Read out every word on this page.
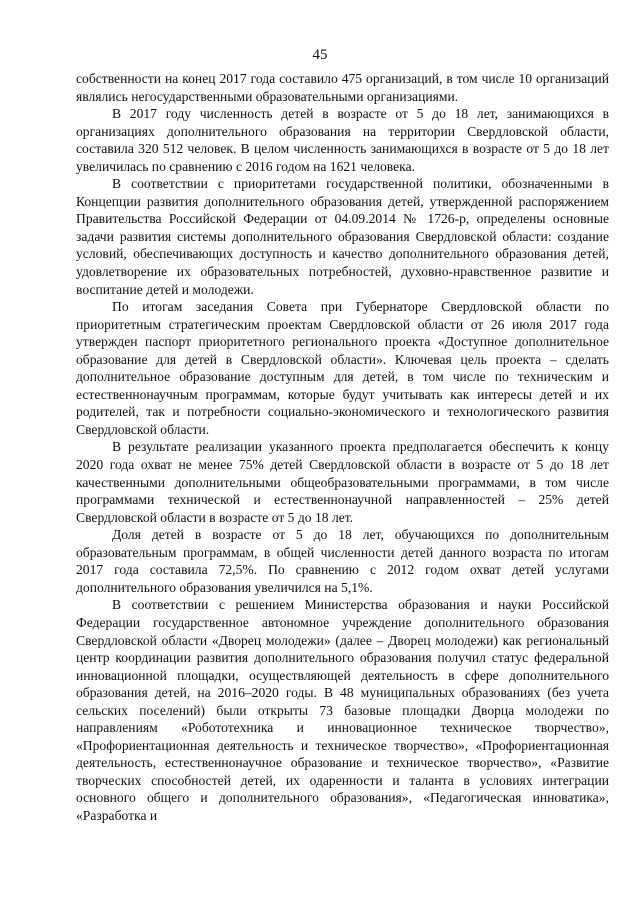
45

собственности на конец 2017 года составило 475 организаций, в том числе 10 организаций являлись негосударственными образовательными организациями.

В 2017 году численность детей в возрасте от 5 до 18 лет, занимающихся в организациях дополнительного образования на территории Свердловской области, составила 320 512 человек. В целом численность занимающихся в возрасте от 5 до 18 лет увеличилась по сравнению с 2016 годом на 1621 человека.

В соответствии с приоритетами государственной политики, обозначенными в Концепции развития дополнительного образования детей, утвержденной распоряжением Правительства Российской Федерации от 04.09.2014 № 1726-р, определены основные задачи развития системы дополнительного образования Свердловской области: создание условий, обеспечивающих доступность и качество дополнительного образования детей, удовлетворение их образовательных потребностей, духовно-нравственное развитие и воспитание детей и молодежи.

По итогам заседания Совета при Губернаторе Свердловской области по приоритетным стратегическим проектам Свердловской области от 26 июля 2017 года утвержден паспорт приоритетного регионального проекта «Доступное дополнительное образование для детей в Свердловской области». Ключевая цель проекта – сделать дополнительное образование доступным для детей, в том числе по техническим и естественнонаучным программам, которые будут учитывать как интересы детей и их родителей, так и потребности социально-экономического и технологического развития Свердловской области.

В результате реализации указанного проекта предполагается обеспечить к концу 2020 года охват не менее 75% детей Свердловской области в возрасте от 5 до 18 лет качественными дополнительными общеобразовательными программами, в том числе программами технической и естественнонаучной направленностей – 25% детей Свердловской области в возрасте от 5 до 18 лет.

Доля детей в возрасте от 5 до 18 лет, обучающихся по дополнительным образовательным программам, в общей численности детей данного возраста по итогам 2017 года составила 72,5%. По сравнению с 2012 годом охват детей услугами дополнительного образования увеличился на 5,1%.

В соответствии с решением Министерства образования и науки Российской Федерации государственное автономное учреждение дополнительного образования Свердловской области «Дворец молодежи» (далее – Дворец молодежи) как региональный центр координации развития дополнительного образования получил статус федеральной инновационной площадки, осуществляющей деятельность в сфере дополнительного образования детей, на 2016–2020 годы. В 48 муниципальных образованиях (без учета сельских поселений) были открыты 73 базовые площадки Дворца молодежи по направлениям «Робототехника и инновационное техническое творчество», «Профориентационная деятельность и техническое творчество», «Профориентационная деятельность, естественнонаучное образование и техническое творчество», «Развитие творческих способностей детей, их одаренности и таланта в условиях интеграции основного общего и дополнительного образования», «Педагогическая инноватика», «Разработка и
